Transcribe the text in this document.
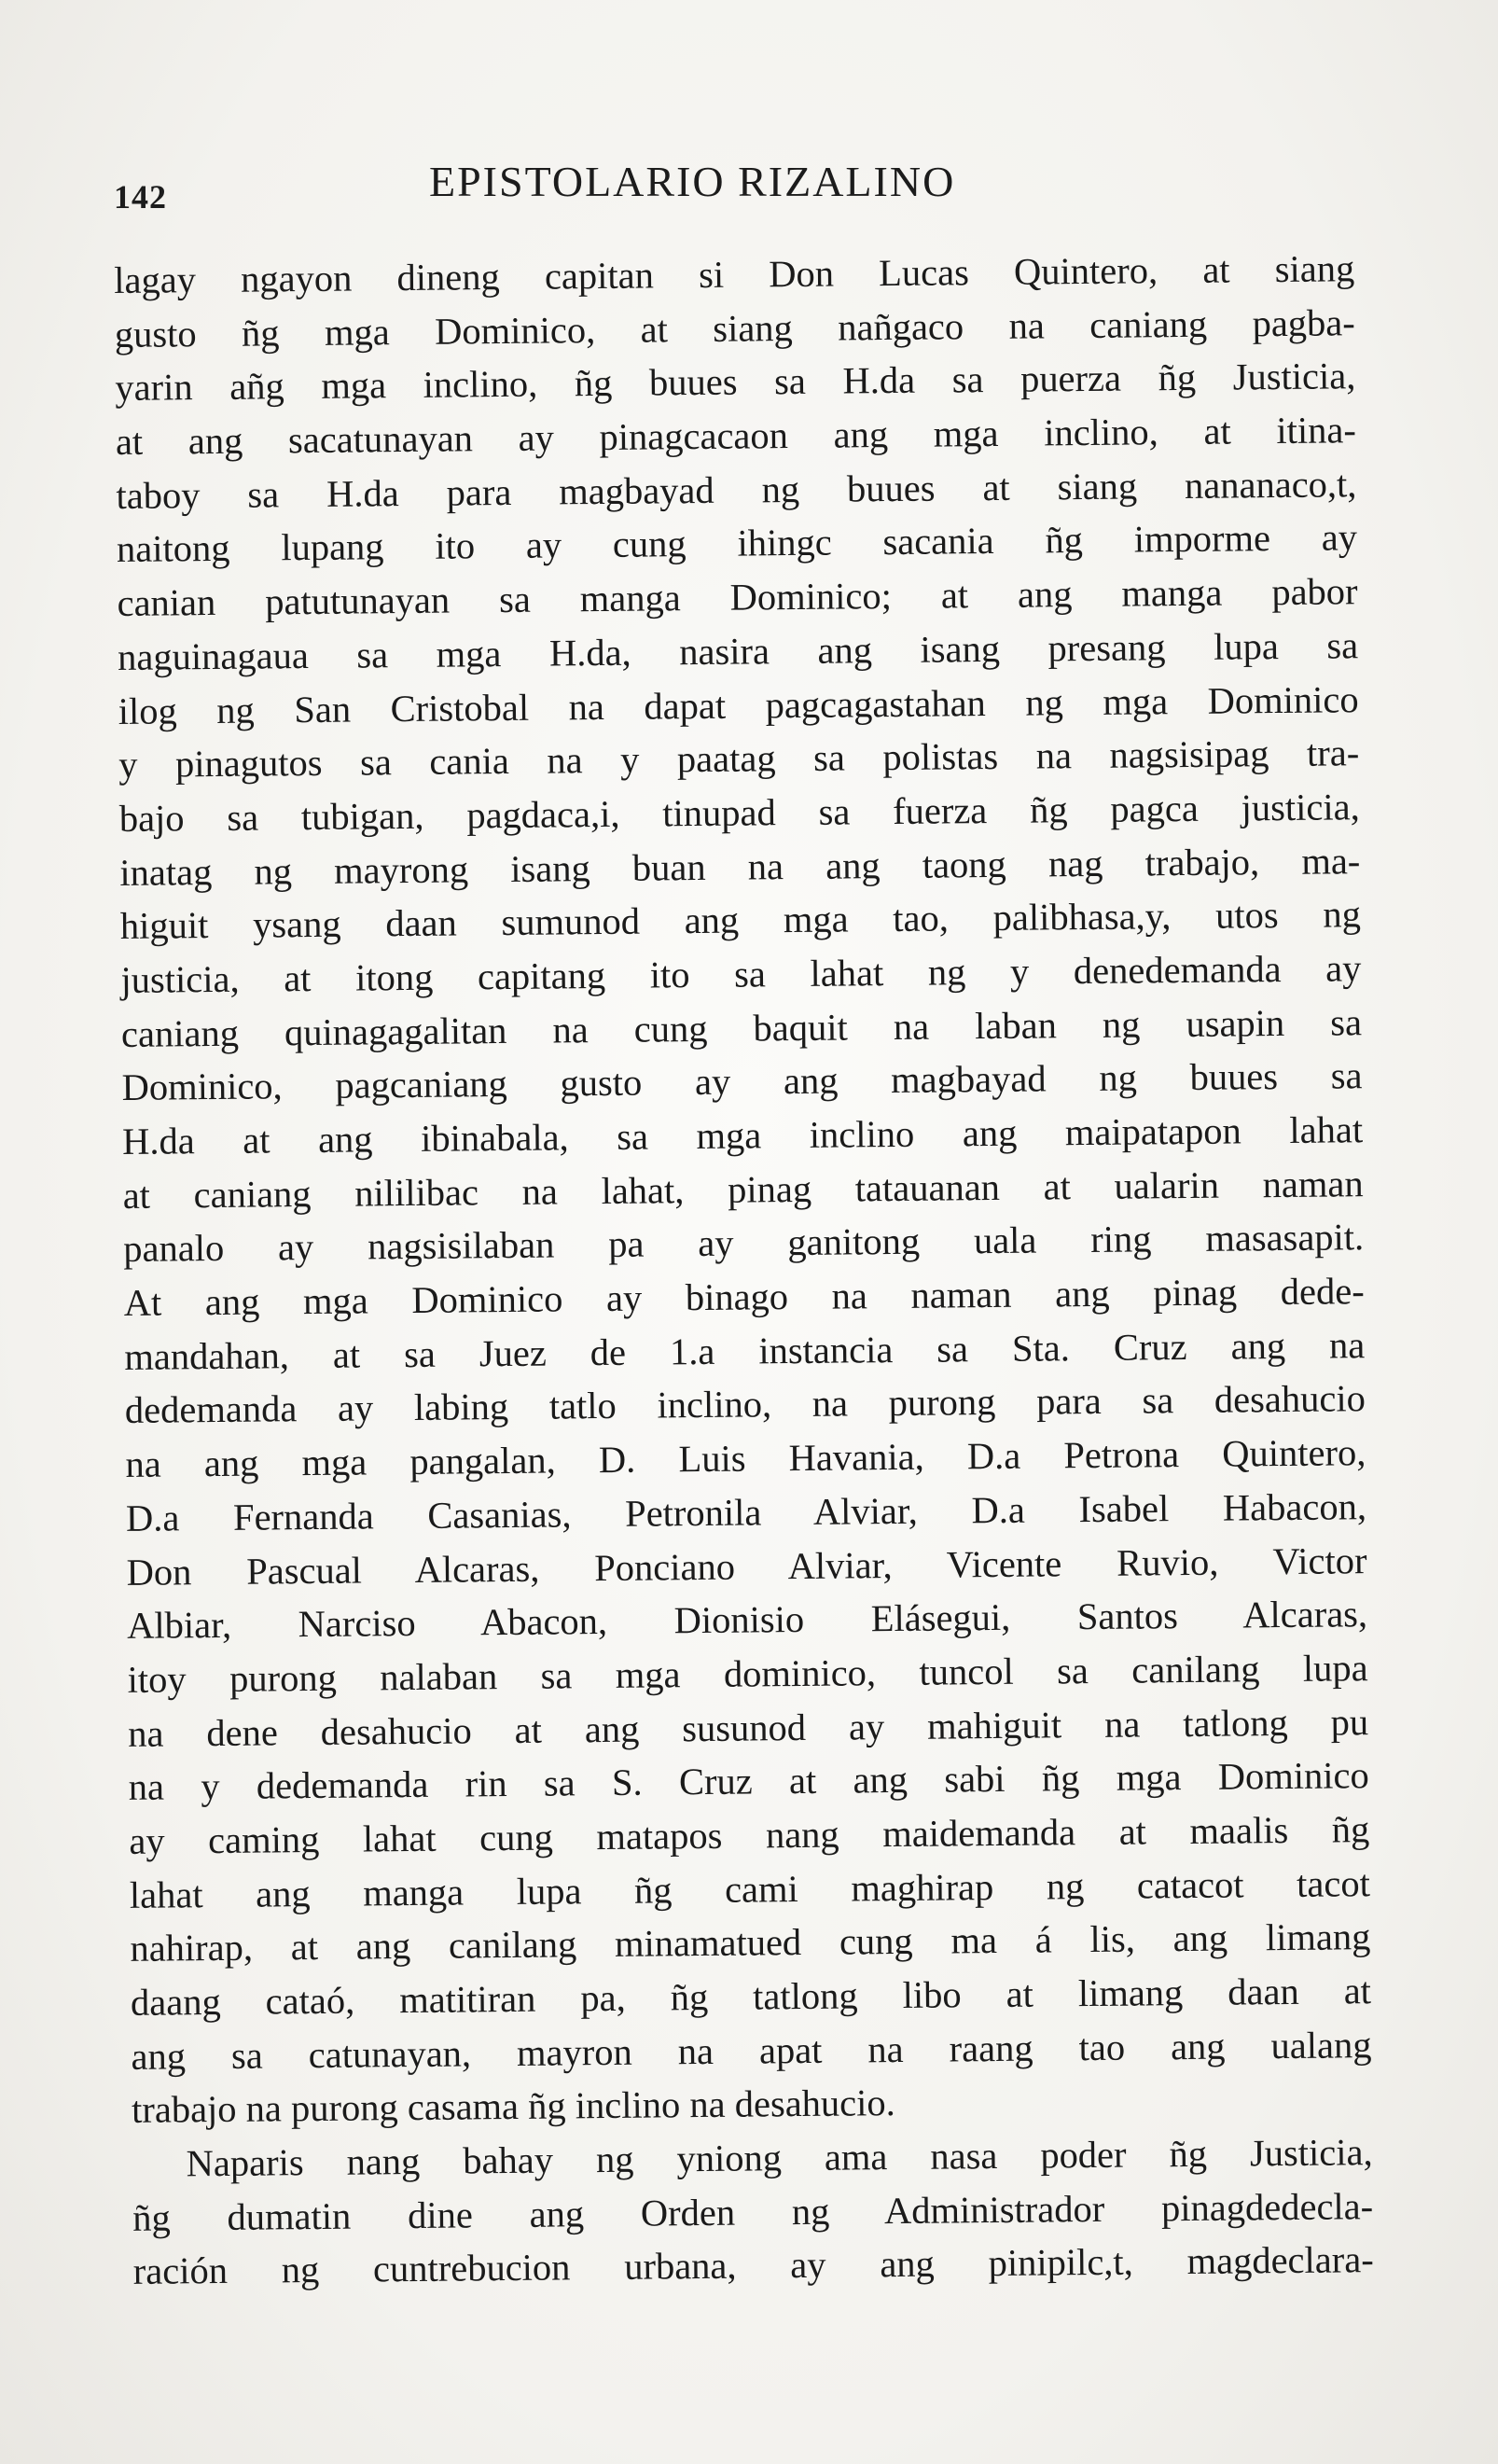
142	EPISTOLARIO RIZALINO
lagay ngayon dineng capitan si Don Lucas Quintero, at siang
gusto ñg mga Dominico, at siang nañgaco na caniang pagba-
yarin añg mga inclino, ñg buues sa H.da sa puerza ñg Justicia,
at ang sacatunayan ay pinagcacaon ang mga inclino, at itina-
taboy sa H.da para magbayad ng buues at siang nananaco,t,
naitong lupang ito ay cung ihingc sacania ñg imporme ay
canian patutunayan sa manga Dominico; at ang manga pabor
naguinagaua sa mga H.da, nasira ang isang presang lupa sa
ilog ng San Cristobal na dapat pagcagastahan ng mga Dominico
y pinagutos sa cania na y paatag sa polistas na nagsisipag tra-
bajo sa tubigan, pagdaca,i, tinupad sa fuerza ñg pagca justicia,
inatag ng mayrong isang buan na ang taong nag trabajo, ma-
higuit ysang daan sumunod ang mga tao, palibhasa,y, utos ng
justicia, at itong capitang ito sa lahat ng y denedemanda ay
caniang quinagagalitan na cung baquit na laban ng usapin sa
Dominico, pagcaniang gusto ay ang magbayad ng buues sa
H.da at ang ibinabala, sa mga inclino ang maipatapon lahat
at caniang nililibac na lahat, pinag tatauanan at ualarin naman
panalo ay nagsisilaban pa ay ganitong uala ring masasapit.
At ang mga Dominico ay binago na naman ang pinag dede-
mandahan, at sa Juez de 1.a instancia sa Sta. Cruz ang na
dedemanda ay labing tatlo inclino, na purong para sa desahucio
na ang mga pangalan, D. Luis Havania, D.a Petrona Quintero,
D.a Fernanda Casanias, Petronila Alviar, D.a Isabel Habacon,
Don Pascual Alcaras, Ponciano Alviar, Vicente Ruvio, Victor
Albiar, Narciso Abacon, Dionisio Elásegui, Santos Alcaras,
itoy purong nalaban sa mga dominico, tuncol sa canilang lupa
na dene desahucio at ang susunod ay mahiguit na tatlong pu
na y dedemanda rin sa S. Cruz at ang sabi ñg mga Dominico
ay caming lahat cung matapos nang maidemanda at maalis ñg
lahat ang manga lupa ñg cami maghirap ng catacot tacot
nahirap, at ang canilang minamatued cung ma á lis, ang limang
daang cataó, matitiran pa, ñg tatlong libo at limang daan at
ang sa catunayan, mayron na apat na raang tao ang ualang
trabajo na purong casama ñg inclino na desahucio.
Naparis nang bahay ng yniong ama nasa poder ñg Justicia,
ñg dumatin dine ang Orden ng Administrador pinagdedecla-
ración ng cuntrebucion urbana, ay ang pinipilc,t, magdeclara-
